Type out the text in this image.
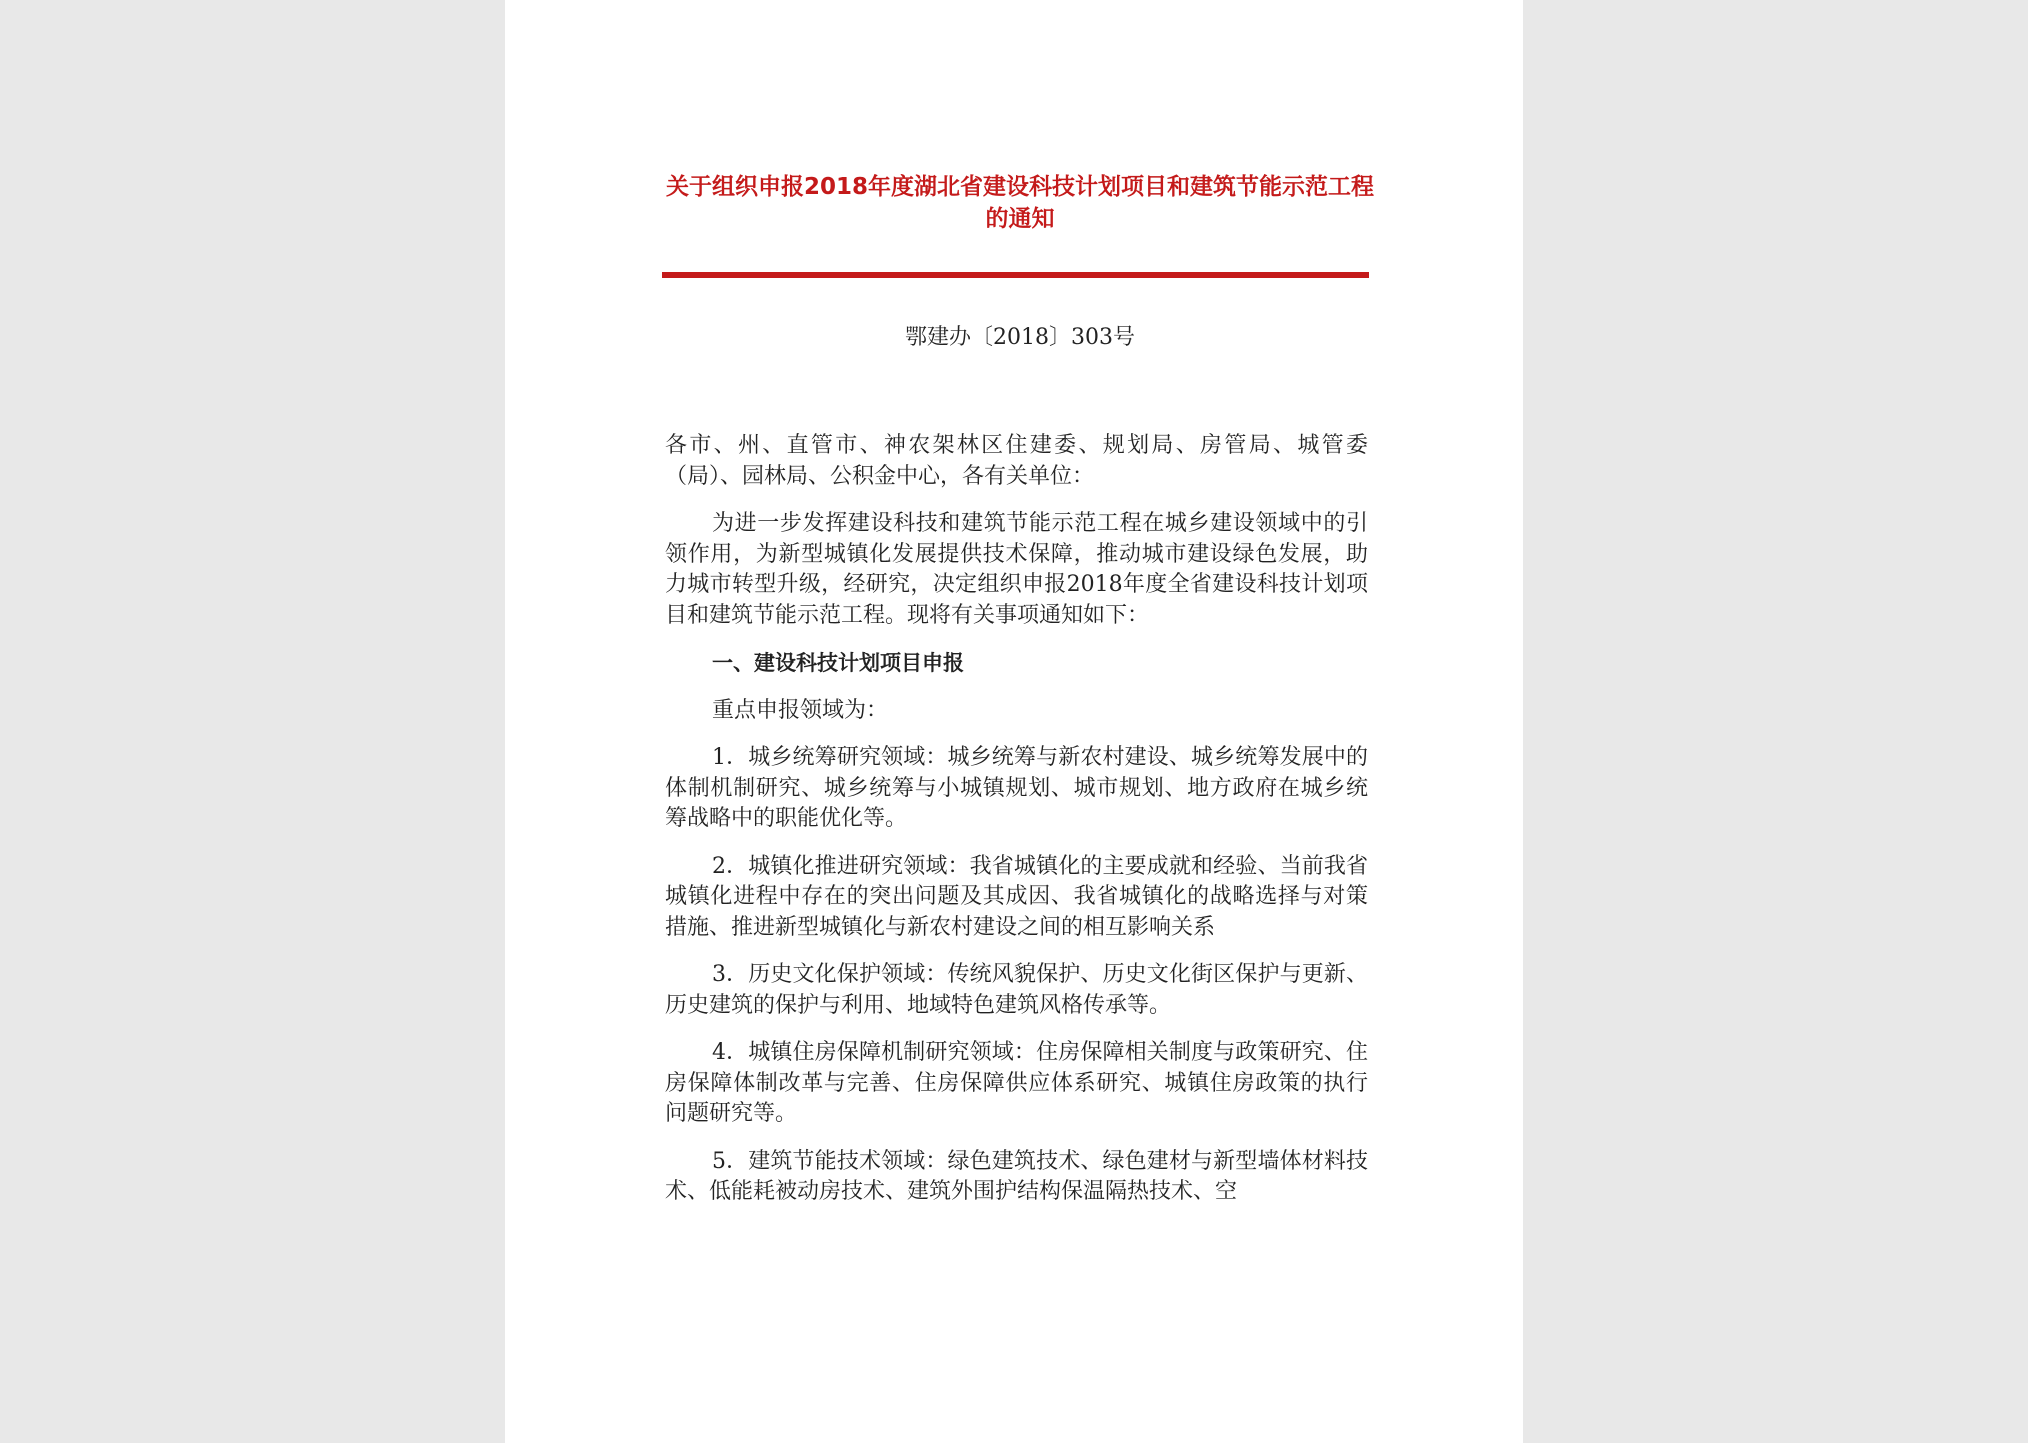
关于组织申报2018年度湖北省建设科技计划项目和建筑节能示范工程的通知
鄂建办〔2018〕303号

各市、州、直管市、神农架林区住建委、规划局、房管局、城管委（局）、园林局、公积金中心，各有关单位：

为进一步发挥建设科技和建筑节能示范工程在城乡建设领域中的引领作用，为新型城镇化发展提供技术保障，推动城市建设绿色发展，助力城市转型升级，经研究，决定组织申报2018年度全省建设科技计划项目和建筑节能示范工程。现将有关事项通知如下：

一、建设科技计划项目申报

重点申报领域为：

1．城乡统筹研究领域：城乡统筹与新农村建设、城乡统筹发展中的体制机制研究、城乡统筹与小城镇规划、城市规划、地方政府在城乡统筹战略中的职能优化等。

2．城镇化推进研究领域：我省城镇化的主要成就和经验、当前我省城镇化进程中存在的突出问题及其成因、我省城镇化的战略选择与对策措施、推进新型城镇化与新农村建设之间的相互影响关系

3．历史文化保护领域：传统风貌保护、历史文化街区保护与更新、历史建筑的保护与利用、地域特色建筑风格传承等。

4．城镇住房保障机制研究领域：住房保障相关制度与政策研究、住房保障体制改革与完善、住房保障供应体系研究、城镇住房政策的执行问题研究等。

5．建筑节能技术领域：绿色建筑技术、绿色建材与新型墙体材料技术、低能耗被动房技术、建筑外围护结构保温隔热技术、空
